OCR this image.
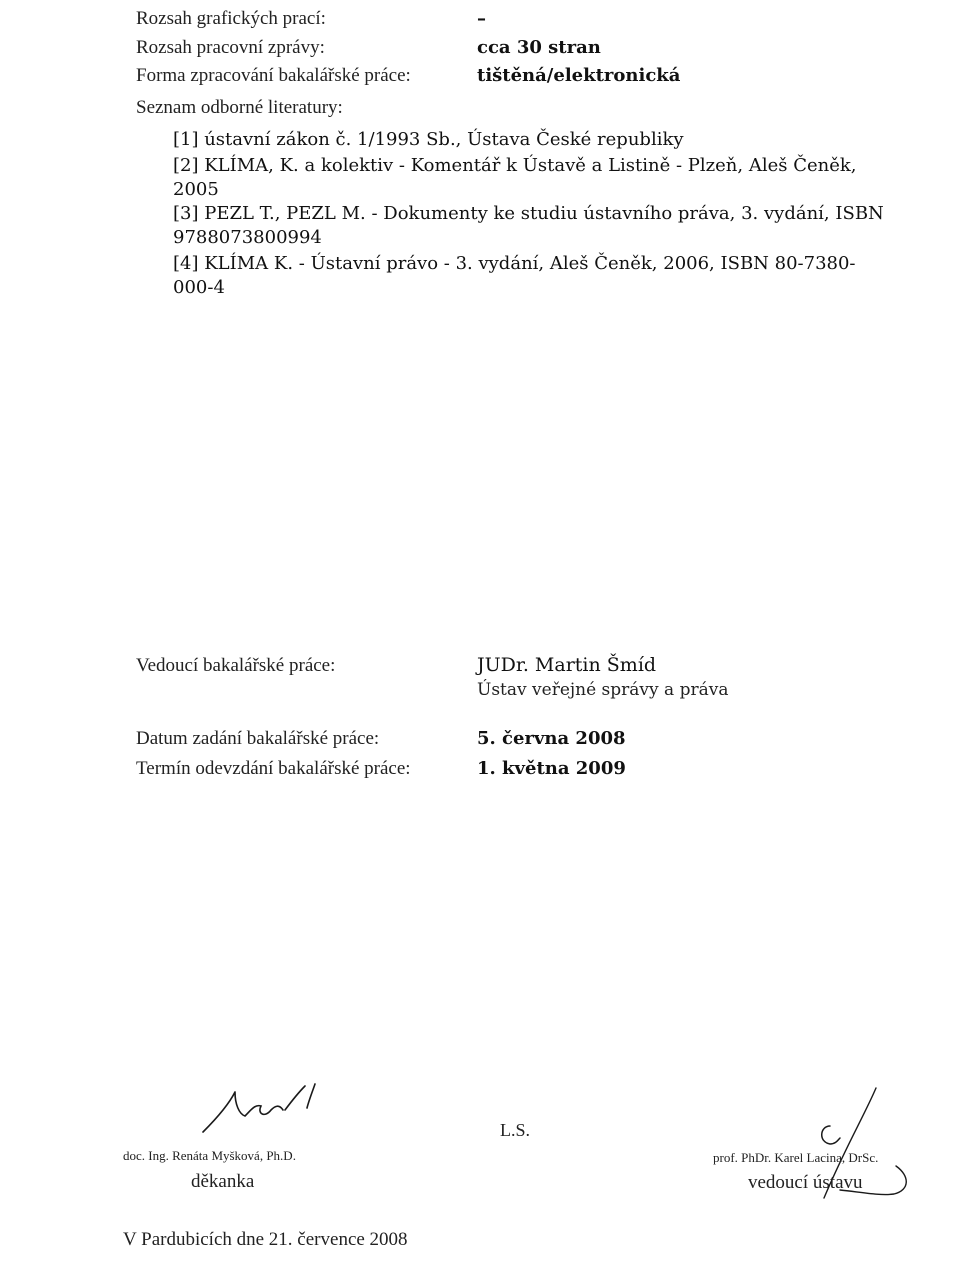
Rozsah grafických prací:	–
Rozsah pracovní zprávy:	cca 30 stran
Forma zpracování bakalářské práce:	tištěná/elektronická
Seznam odborné literatury:
[1] ústavní zákon č. 1/1993 Sb., Ústava České republiky
[2] KLÍMA, K. a kolektiv - Komentář k Ústavě a Listině - Plzeň, Aleš Čeněk, 2005
[3] PEZL T., PEZL M. - Dokumenty ke studiu ústavního práva, 3. vydání, ISBN 9788073800994
[4] KLÍMA K. - Ústavní právo - 3. vydání, Aleš Čeněk, 2006, ISBN 80-7380-000-4
Vedoucí bakalářské práce:	JUDr. Martin Šmíd
Ústav veřejné správy a práva
Datum zadání bakalářské práce:	5. června 2008
Termín odevzdání bakalářské práce:	1. května 2009
doc. Ing. Renáta Myšková, Ph.D.
děkanka
L.S.
prof. PhDr. Karel Lacina, DrSc.
vedoucí ústavu
V Pardubicích dne 21. července 2008
